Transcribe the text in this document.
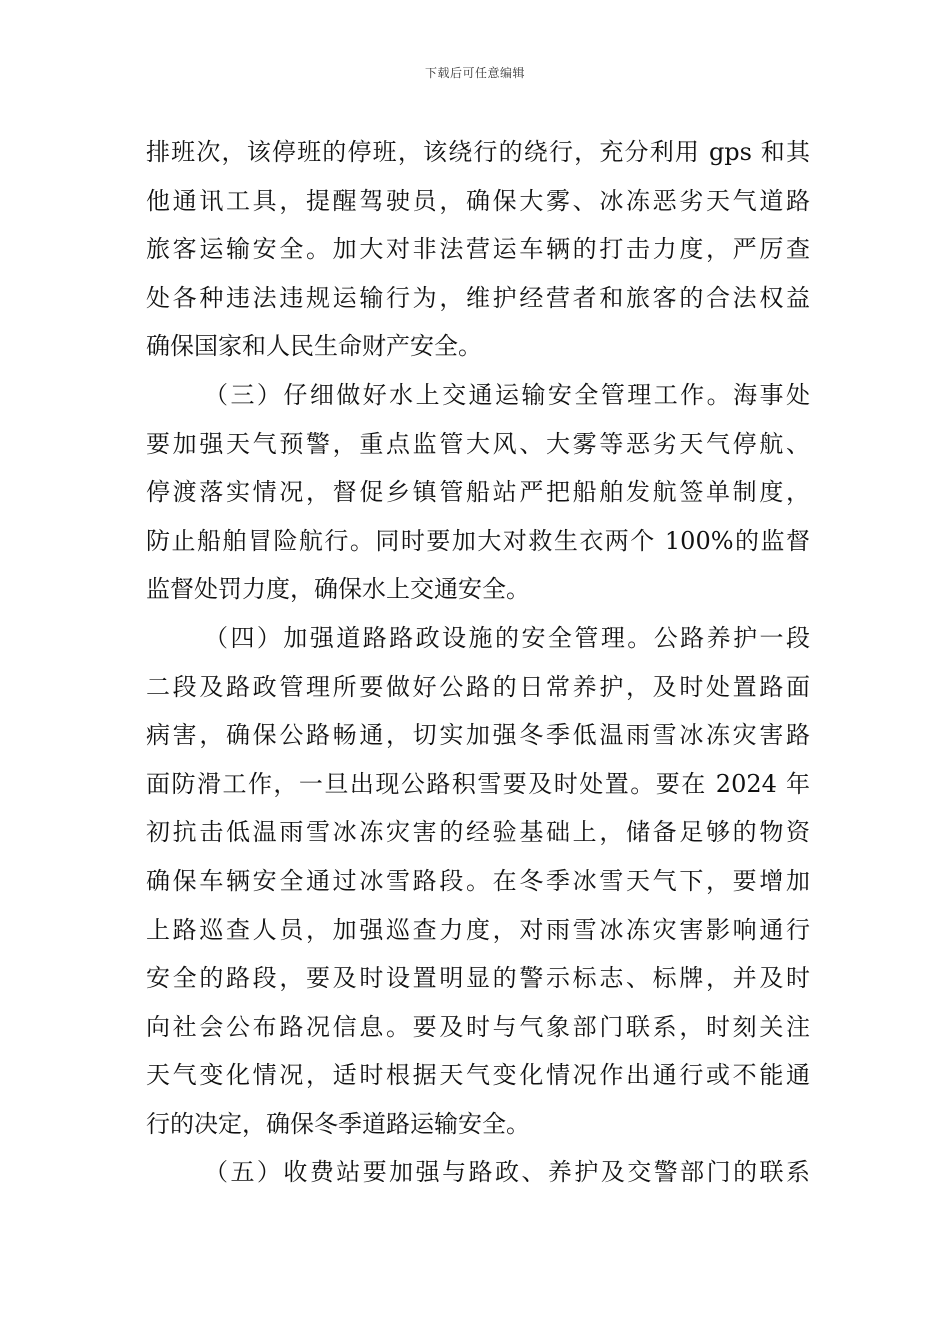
下载后可任意编辑
排班次，该停班的停班，该绕行的绕行，充分利用 gps 和其
他通讯工具，提醒驾驶员，确保大雾、冰冻恶劣天气道路
旅客运输安全。加大对非法营运车辆的打击力度，严厉查
处各种违法违规运输行为，维护经营者和旅客的合法权益
确保国家和人民生命财产安全。
（三）仔细做好水上交通运输安全管理工作。海事处
要加强天气预警，重点监管大风、大雾等恶劣天气停航、
停渡落实情况，督促乡镇管船站严把船舶发航签单制度，
防止船舶冒险航行。同时要加大对救生衣两个 100%的监督
监督处罚力度，确保水上交通安全。
（四）加强道路路政设施的安全管理。公路养护一段
二段及路政管理所要做好公路的日常养护，及时处置路面
病害，确保公路畅通，切实加强冬季低温雨雪冰冻灾害路
面防滑工作，一旦出现公路积雪要及时处置。要在 2024 年
初抗击低温雨雪冰冻灾害的经验基础上，储备足够的物资
确保车辆安全通过冰雪路段。在冬季冰雪天气下，要增加
上路巡查人员，加强巡查力度，对雨雪冰冻灾害影响通行
安全的路段，要及时设置明显的警示标志、标牌，并及时
向社会公布路况信息。要及时与气象部门联系，时刻关注
天气变化情况，适时根据天气变化情况作出通行或不能通
行的决定，确保冬季道路运输安全。
（五）收费站要加强与路政、养护及交警部门的联系
